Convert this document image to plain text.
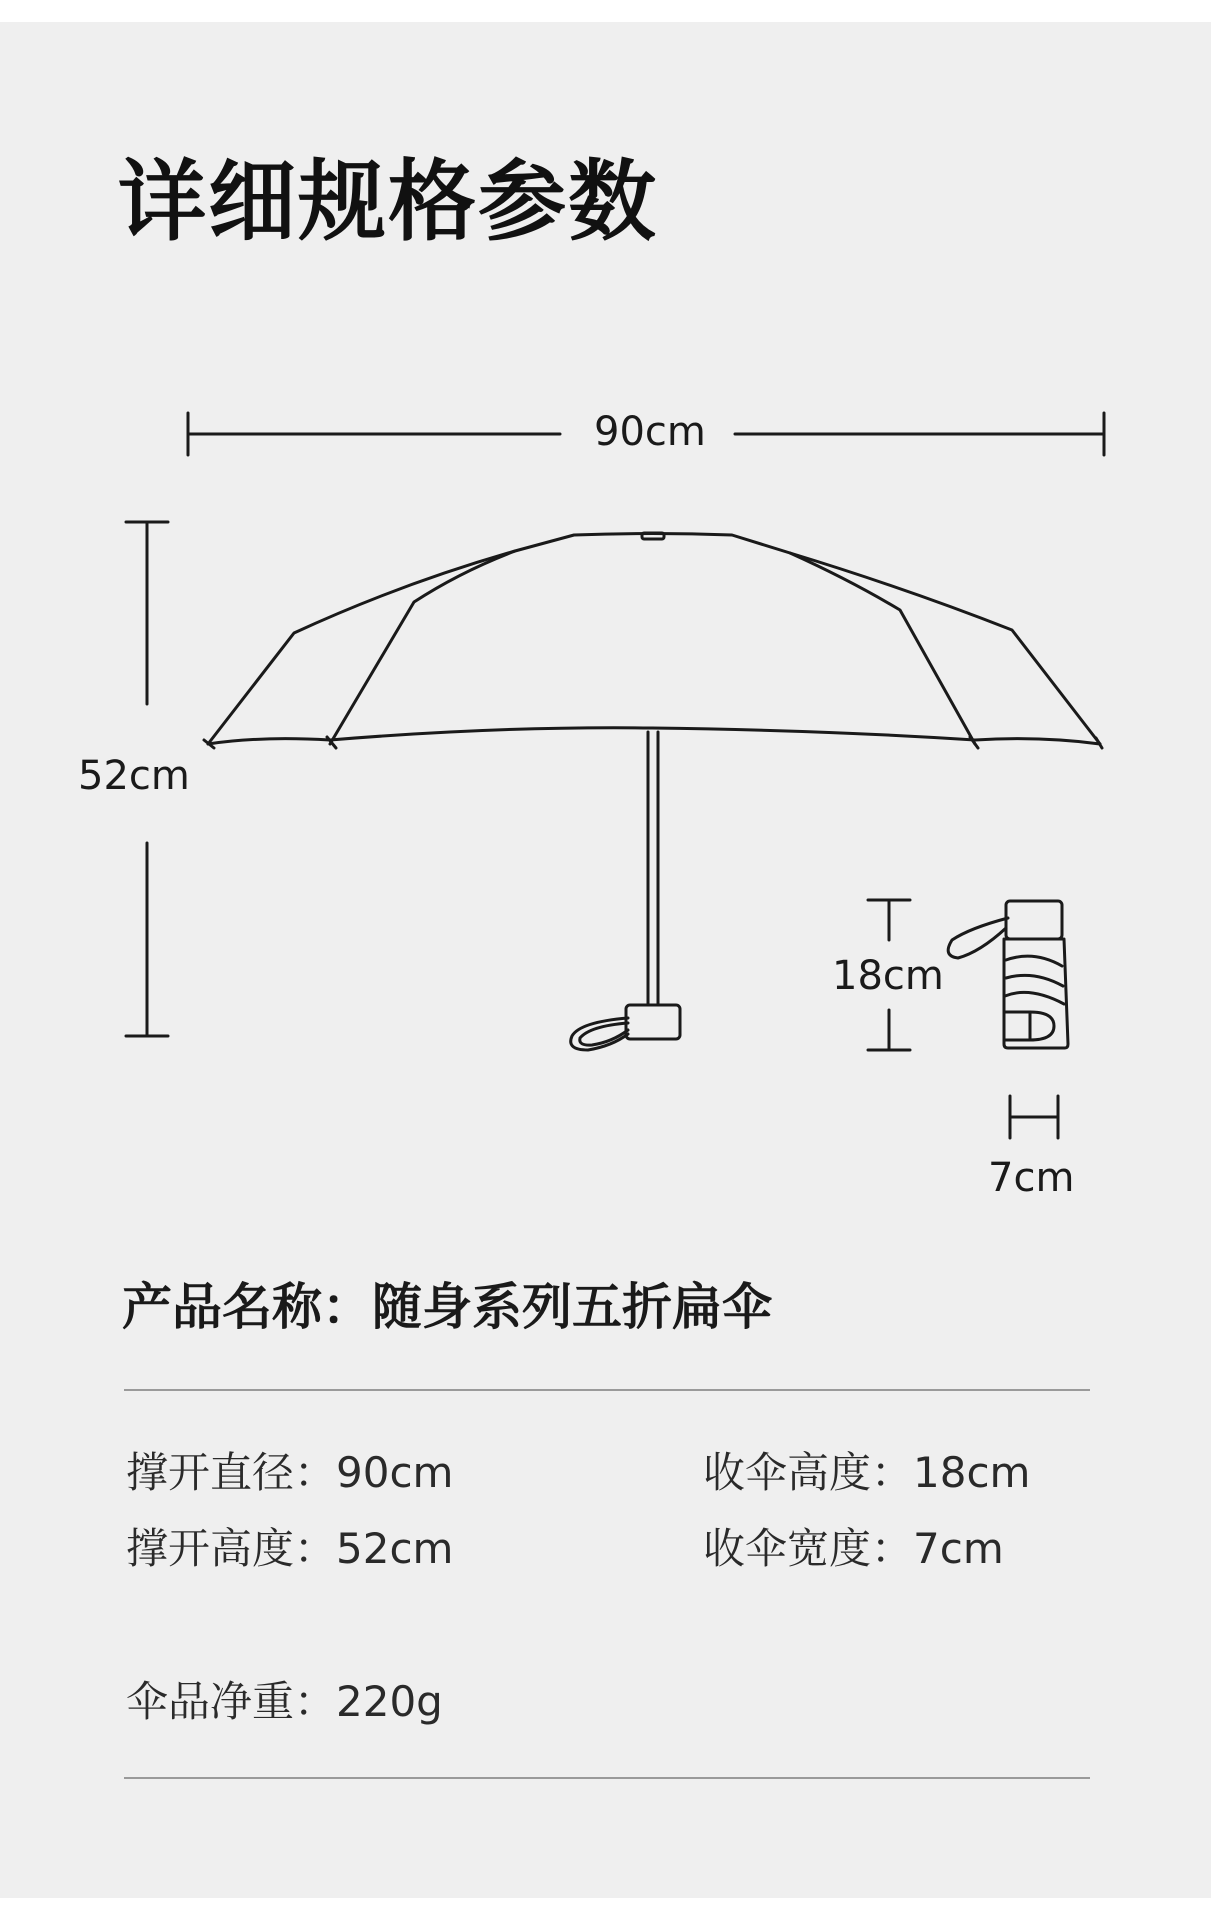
详细规格参数
90cm
52cm
18cm
7cm
产品名称：随身系列五折扁伞
撑开直径：90cm	收伞高度：18cm
撑开高度：52cm	收伞宽度：7cm
伞品净重：220g
